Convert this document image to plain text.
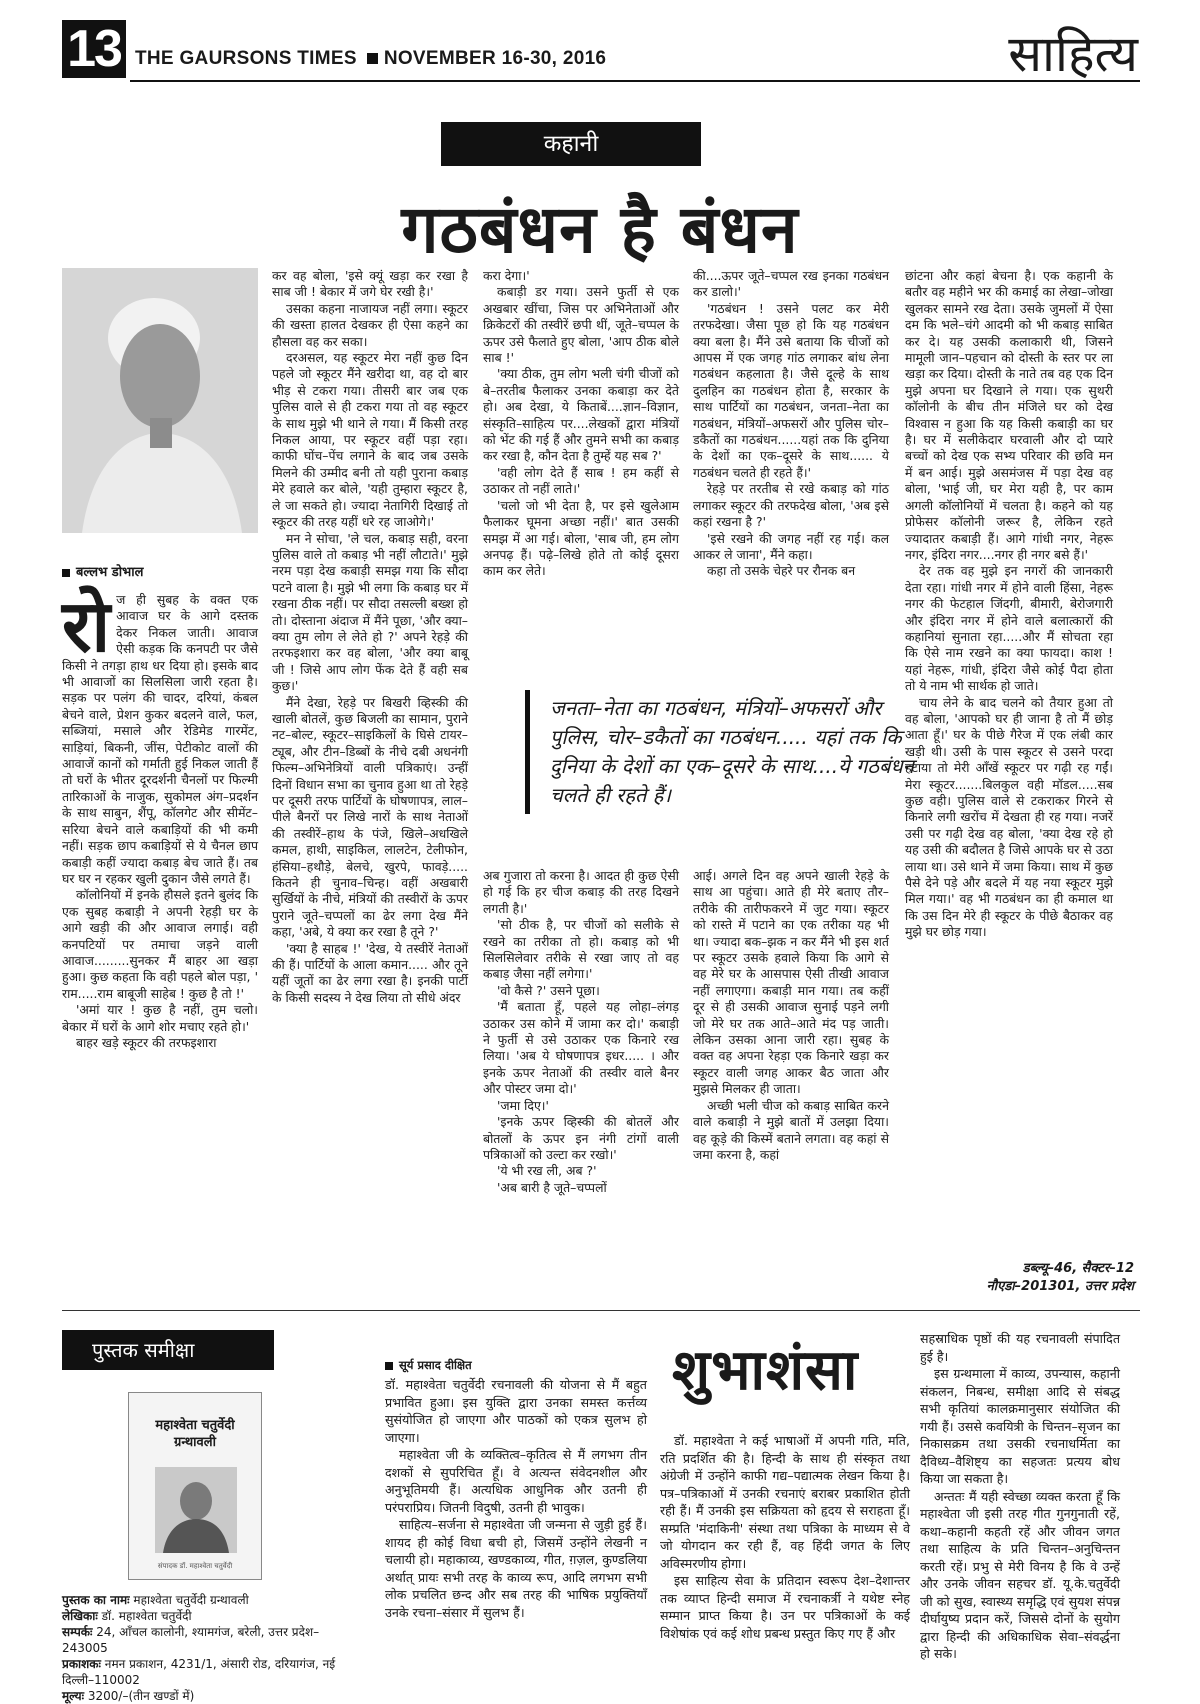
13 THE GAURSONS TIMES NOVEMBER 16-30, 2016	साहित्य
कहानी
गठबंधन है बंधन
बल्लभ डोभाल

रोज ही सुबह के वक्त एक आवाज घर के आगे दस्तक देकर निकल जाती। आवाज ऐसी कड़क कि कनपटी पर जैसे किसी ने तगड़ा हाथ धर दिया हो। इसके बाद भी आवाजों का सिलसिला जारी रहता है। सड़क पर पलंग की चादर, दरियां, कंबल बेचने वाले, प्रेशन कुकर बदलने वाले, फल, सब्जियां, मसाले और रेडिमेड गारमेंट, साड़ियां, बिकनी, जींस, पेटीकोट वालों की आवाजें कानों को गर्माती हुई निकल जाती हैं तो घरों के भीतर दूरदर्शनी चैनलों पर फिल्मी तारिकाओं के नाजुक, सुकोमल अंग–प्रदर्शन के साथ साबुन, शैंपू, कॉलगेट और सीमेंट–सरिया बेचने वाले कबाड़ियों की भी कमी नहीं। सड़क छाप कबाड़ियों से ये चैनल छाप कबाड़ी कहीं ज्यादा कबाड़ बेच जाते हैं। तब घर घर न रहकर खुली दुकान जैसे लगते हैं।

कॉलोनियों में इनके हौसले इतने बुलंद कि एक सुबह कबाड़ी ने अपनी रेहड़ी घर के आगे खड़ी की और आवाज लगाई। वही कनपटियों पर तमाचा जड़ने वाली आवाज.........सुनकर मैं बाहर आ खड़ा हुआ। कुछ कहता कि वही पहले बोल पड़ा, ' राम.....राम बाबूजी साहेब ! कुछ है तो !'

'अमां यार ! कुछ है नहीं, तुम चलो। बेकार में घरों के आगे शोर मचाए रहते हो।'

बाहर खड़े स्कूटर की तरफइशारा

कर वह बोला, 'इसे क्यूं खड़ा कर रखा है साब जी ! बेकार में जगे घेर रखी है।'

उसका कहना नाजायज नहीं लगा। स्कूटर की खस्ता हालत देखकर ही ऐसा कहने का हौसला वह कर सका।

दरअसल, यह स्कूटर मेरा नहीं कुछ दिन पहले जो स्कूटर मैंने खरीदा था, वह दो बार भीड़ से टकरा गया। तीसरी बार जब एक पुलिस वाले से ही टकरा गया तो वह स्कूटर के साथ मुझे भी थाने ले गया। मैं किसी तरह निकल आया, पर स्कूटर वहीं पड़ा रहा। काफी घोंच–पेंच लगाने के बाद जब उसके मिलने की उम्मीद बनी तो यही पुराना कबाड़ मेरे हवाले कर बोले, 'यही तुम्हारा स्कूटर है, ले जा सकते हो। ज्यादा नेतागिरी दिखाई तो स्कूटर की तरह यहीं धरे रह जाओगे।'

मन ने सोचा, 'ले चल, कबाड़ सही, वरना पुलिस वाले तो कबाड़ भी नहीं लौटाते।' मुझे नरम पड़ा देख कबाड़ी समझ गया कि सौदा पटने वाला है। मुझे भी लगा कि कबाड़ घर में रखना ठीक नहीं। पर सौदा तसल्ली बख्श हो तो। दोस्ताना अंदाज में मैंने पूछा, 'और क्या–क्या तुम लोग ले लेते हो ?' अपने रेहड़े की तरफइशारा कर वह बोला, 'और क्या बाबू जी ! जिसे आप लोग फेंक देते हैं वही सब कुछ।'

मैंने देखा, रेहड़े पर बिखरी व्हिस्की की खाली बोतलें, कुछ बिजली का सामान, पुराने नट–बोल्ट, स्कूटर–साइकिलों के घिसे टायर–ट्यूब, और टीन–डिब्बों के नीचे दबी अधनंगी फिल्म–अभिनेत्रियों वाली पत्रिकाएं। उन्हीं दिनों विधान सभा का चुनाव हुआ था तो रेहड़े पर दूसरी तरफ पार्टियों के घोषणापत्र, लाल–पीले बैनरों पर लिखे नारों के साथ नेताओं की तस्वीरें–हाथ के पंजे, खिले–अधखिले कमल, हाथी, साइकिल, लालटेन, टेलीफोन, हंसिया–हथौड़े, बेलचे, खुरपे, फावड़े..... कितने ही चुनाव–चिन्ह। वहीं अखबारी सुर्खियों के नीचे, मंत्रियों की तस्वीरों के ऊपर पुराने जूते–चप्पलों का ढेर लगा देख मैंने कहा, 'अबे, ये क्या कर रखा है तूने ?'

'क्या है साहब !' 'देख, ये तस्वीरें नेताओं की हैं। पार्टियों के आला कमान..... और तूने यहीं जूतों का ढेर लगा रखा है। इनकी पार्टी के किसी सदस्य ने देख लिया तो सीधे अंदर

करा देगा।'

कबाड़ी डर गया। उसने फुर्ती से एक अखबार खींचा, जिस पर अभिनेताओं और क्रिकेटरों की तस्वीरें छपी थीं, जूते–चप्पल के ऊपर उसे फैलाते हुए बोला, 'आप ठीक बोले साब !'

'क्या ठीक, तुम लोग भली चंगी चीजों को बे–तरतीब फैलाकर उनका कबाड़ा कर देते हो। अब देखा, ये किताबें....ज्ञान–विज्ञान, संस्कृति–साहित्य पर....लेखकों द्वारा मंत्रियों को भेंट की गई हैं और तुमने सभी का कबाड़ कर रखा है, कौन देता है तुम्हें यह सब ?'

'वही लोग देते हैं साब ! हम कहीं से उठाकर तो नहीं लाते।'

'चलो जो भी देता है, पर इसे खुलेआम फैलाकर घूमना अच्छा नहीं।' बात उसकी समझ में आ गई। बोला, 'साब जी, हम लोग अनपढ़ हैं। पढ़े–लिखे होते तो कोई दूसरा काम कर लेते।

की....ऊपर जूते–चप्पल रख इनका गठबंधन कर डालो।'

'गठबंधन ! उसने पलट कर मेरी तरफदेखा। जैसा पूछ हो कि यह गठबंधन क्या बला है। मैंने उसे बताया कि चीजों को आपस में एक जगह गांठ लगाकर बांध लेना गठबंधन कहलाता है। जैसे दूल्हे के साथ दुलहिन का गठबंधन होता है, सरकार के साथ पार्टियों का गठबंधन, जनता–नेता का गठबंधन, मंत्रियों–अफसरों और पुलिस चोर–डकैतों का गठबंधन......यहां तक कि दुनिया के देशों का एक–दूसरे के साथ...... ये गठबंधन चलते ही रहते हैं।'

रेहड़े पर तरतीब से रखे कबाड़ को गांठ लगाकर स्कूटर की तरफदेख बोला, 'अब इसे कहां रखना है ?'

'इसे रखने की जगह नहीं रह गई। कल आकर ले जाना', मैंने कहा।

कहा तो उसके चेहरे पर रौनक बन

जनता–नेता का गठबंधन, मंत्रियों–अफसरों और पुलिस, चोर–डकैतों का गठबंधन..... यहां तक कि दुनिया के देशों का एक–दूसरे के साथ....ये गठबंधन चलते ही रहते हैं।

अब गुजारा तो करना है। आदत ही कुछ ऐसी हो गई कि हर चीज कबाड़ की तरह दिखने लगती है।'

'सो ठीक है, पर चीजों को सलीके से रखने का तरीका तो हो। कबाड़ को भी सिलसिलेवार तरीके से रखा जाए तो वह कबाड़ जैसा नहीं लगेगा।'

'वो कैसे ?' उसने पूछा।

'मैं बताता हूँ, पहले यह लोहा–लंगड़ उठाकर उस कोने में जामा कर दो।' कबाड़ी ने फुर्ती से उसे उठाकर एक किनारे रख लिया। 'अब ये घोषणापत्र इधर..... । और इनके ऊपर नेताओं की तस्वीर वाले बैनर और पोस्टर जमा दो।'

'जमा दिए।'

'इनके ऊपर व्हिस्की की बोतलें और बोतलों के ऊपर इन नंगी टांगों वाली पत्रिकाओं को उल्टा कर रखो।'

'ये भी रख ली, अब ?'

'अब बारी है जूते–चप्पलों

आई। अगले दिन वह अपने खाली रेहड़े के साथ आ पहुंचा। आते ही मेरे बताए तौर–तरीके की तारीफकरने में जुट गया। स्कूटर को रास्ते में पटाने का एक तरीका यह भी था। ज्यादा बक–झक न कर मैंने भी इस शर्त पर स्कूटर उसके हवाले किया कि आगे से वह मेरे घर के आसपास ऐसी तीखी आवाज नहीं लगाएगा। कबाड़ी मान गया। तब कहीं दूर से ही उसकी आवाज सुनाई पड़ने लगी जो मेरे घर तक आते–आते मंद पड़ जाती। लेकिन उसका आना जारी रहा। सुबह के वक्त वह अपना रेहड़ा एक किनारे खड़ा कर स्कूटर वाली जगह आकर बैठ जाता और मुझसे मिलकर ही जाता।

अच्छी भली चीज को कबाड़ साबित करने वाले कबाड़ी ने मुझे बातों में उलझा दिया। वह कूड़े की किस्में बताने लगता। वह कहां से जमा करना है, कहां

छांटना और कहां बेचना है। एक कहानी के बतौर वह महीने भर की कमाई का लेखा–जोखा खुलकर सामने रख देता। उसके जुमलों में ऐसा दम कि भले–चंगे आदमी को भी कबाड़ साबित कर दे। यह उसकी कलाकारी थी, जिसने मामूली जान–पहचान को दोस्ती के स्तर पर ला खड़ा कर दिया। दोस्ती के नाते तब वह एक दिन मुझे अपना घर दिखाने ले गया। एक सुथरी कॉलोनी के बीच तीन मंजिले घर को देख विश्वास न हुआ कि यह किसी कबाड़ी का घर है। घर में सलीकेदार घरवाली और दो प्यारे बच्चों को देख एक सभ्य परिवार की छवि मन में बन आई। मुझे असमंजस में पड़ा देख वह बोला, 'भाई जी, घर मेरा यही है, पर काम अगली कॉलोनियों में चलता है। कहने को यह प्रोफेसर कॉलोनी जरूर है, लेकिन रहते ज्यादातर कबाड़ी हैं। आगे गांधी नगर, नेहरू नगर, इंदिरा नगर....नगर ही नगर बसे हैं।'

देर तक वह मुझे इन नगरों की जानकारी देता रहा। गांधी नगर में होने वाली हिंसा, नेहरू नगर की फेटहाल जिंदगी, बीमारी, बेरोजगारी और इंदिरा नगर में होने वाले बलात्कारों की कहानियां सुनाता रहा.....और मैं सोचता रहा कि ऐसे नाम रखने का क्या फायदा। काश ! यहां नेहरू, गांधी, इंदिरा जैसे कोई पैदा होता तो ये नाम भी सार्थक हो जाते।

चाय लेने के बाद चलने को तैयार हुआ तो वह बोला, 'आपको घर ही जाना है तो मैं छोड़ आता हूँ।' घर के पीछे गैरेज में एक लंबी कार खड़ी थी। उसी के पास स्कूटर से उसने परदा हटाया तो मेरी आँखें स्कूटर पर गढ़ी रह गईं। मेरा स्कूटर.......बिलकुल वही मॉडल.....सब कुछ वही। पुलिस वाले से टकराकर गिरने से किनारे लगी खरोंच में देखता ही रह गया। नजरें उसी पर गढ़ी देख वह बोला, 'क्या देख रहे हो यह उसी की बदौलत है जिसे आपके घर से उठा लाया था। उसे थाने में जमा किया। साथ में कुछ पैसे देने पड़े और बदले में यह नया स्कूटर मुझे मिल गया।' वह भी गठबंधन का ही कमाल था कि उस दिन मेरे ही स्कूटर के पीछे बैठाकर वह मुझे घर छोड़ गया।

डब्ल्यू–46, सैक्टर–12
नौएडा–201301, उत्तर प्रदेश
पुस्तक समीक्षा
महाश्वेता चतुर्वेदी
ग्रन्थावली
संपादक डॉ. महाश्वेता चतुर्वेदी
पुस्तक का नामः महाश्वेता चतुर्वेदी ग्रन्थावली
लेखिकाः डॉ. महाश्वेता चतुर्वेदी
सम्पर्कः 24, आँचल कालोनी, श्यामगंज, बरेली, उत्तर प्रदेश–243005
प्रकाशकः नमन प्रकाशन, 4231/1, अंसारी रोड, दरियागंज, नई दिल्ली–110002
मूल्यः 3200/–(तीन खण्डों में)
सूर्य प्रसाद दीक्षित

डॉ. महाश्वेता चतुर्वेदी रचनावली की योजना से मैं बहुत प्रभावित हुआ। इस युक्ति द्वारा उनका समस्त कर्त्तव्य सुसंयोजित हो जाएगा और पाठकों को एकत्र सुलभ हो जाएगा।

महाश्वेता जी के व्यक्तित्व–कृतित्व से मैं लगभग तीन दशकों से सुपरिचित हूँ। वे अत्यन्त संवेदनशील और अनुभूतिमयी हैं। अत्यधिक आधुनिक और उतनी ही परंपराप्रिय। जितनी विदुषी, उतनी ही भावुक।

साहित्य–सर्जना से महाश्वेता जी जन्मना से जुड़ी हुई हैं। शायद ही कोई विधा बची हो, जिसमें उन्होंने लेखनी न चलायी हो। महाकाव्य, खण्डकाव्य, गीत, ग़ज़ल, कुण्डलिया अर्थात् प्रायः सभी तरह के काव्य रूप, आदि लगभग सभी लोक प्रचलित छन्द और सब तरह की भाषिक प्रयुक्तियाँ उनके रचना–संसार में सुलभ हैं।

शुभाशंसा

डॉ. महाश्वेता ने कई भाषाओं में अपनी गति, मति, रति प्रदर्शित की है। हिन्दी के साथ ही संस्कृत तथा अंग्रेजी में उन्होंने काफी गद्य–पद्यात्मक लेखन किया है। पत्र–पत्रिकाओं में उनकी रचनाएं बराबर प्रकाशित होती रही हैं। मैं उनकी इस सक्रियता को हृदय से सराहता हूँ। सम्प्रति 'मंदाकिनी' संस्था तथा पत्रिका के माध्यम से वे जो योगदान कर रही हैं, वह हिंदी जगत के लिए अविस्मरणीय होगा।

इस साहित्य सेवा के प्रतिदान स्वरूप देश–देशान्तर तक व्याप्त हिन्दी समाज में रचनाकर्त्री ने यथेष्ट स्नेह सम्मान प्राप्त किया है। उन पर पत्रिकाओं के कई विशेषांक एवं कई शोध प्रबन्ध प्रस्तुत किए गए हैं और

सहस्राधिक पृष्ठों की यह रचनावली संपादित हुई है।

इस ग्रन्थमाला में काव्य, उपन्यास, कहानी संकलन, निबन्ध, समीक्षा आदि से संबद्ध सभी कृतियां कालक्रमानुसार संयोजित की गयी हैं। उससे कवयित्री के चिन्तन–सृजन का निकासक्रम तथा उसकी रचनाधर्मिता का दैविध्य–वैशिष्ट्य का सहजतः प्रत्यय बोध किया जा सकता है।

अन्ततः मैं यही स्वेच्छा व्यक्त करता हूँ कि महाश्वेता जी इसी तरह गीत गुनगुनाती रहें, कथा–कहानी कहती रहें और जीवन जगत तथा साहित्य के प्रति चिन्तन–अनुचिन्तन करती रहें। प्रभु से मेरी विनय है कि वे उन्हें और उनके जीवन सहचर डॉ. यू.के.चतुर्वेदी जी को सुख, स्वास्थ्य समृद्धि एवं सुयश संपन्न दीर्घायुष्य प्रदान करें, जिससे दोनों के सुयोग द्वारा हिन्दी की अधिकाधिक सेवा–संवर्द्धना हो सके।
